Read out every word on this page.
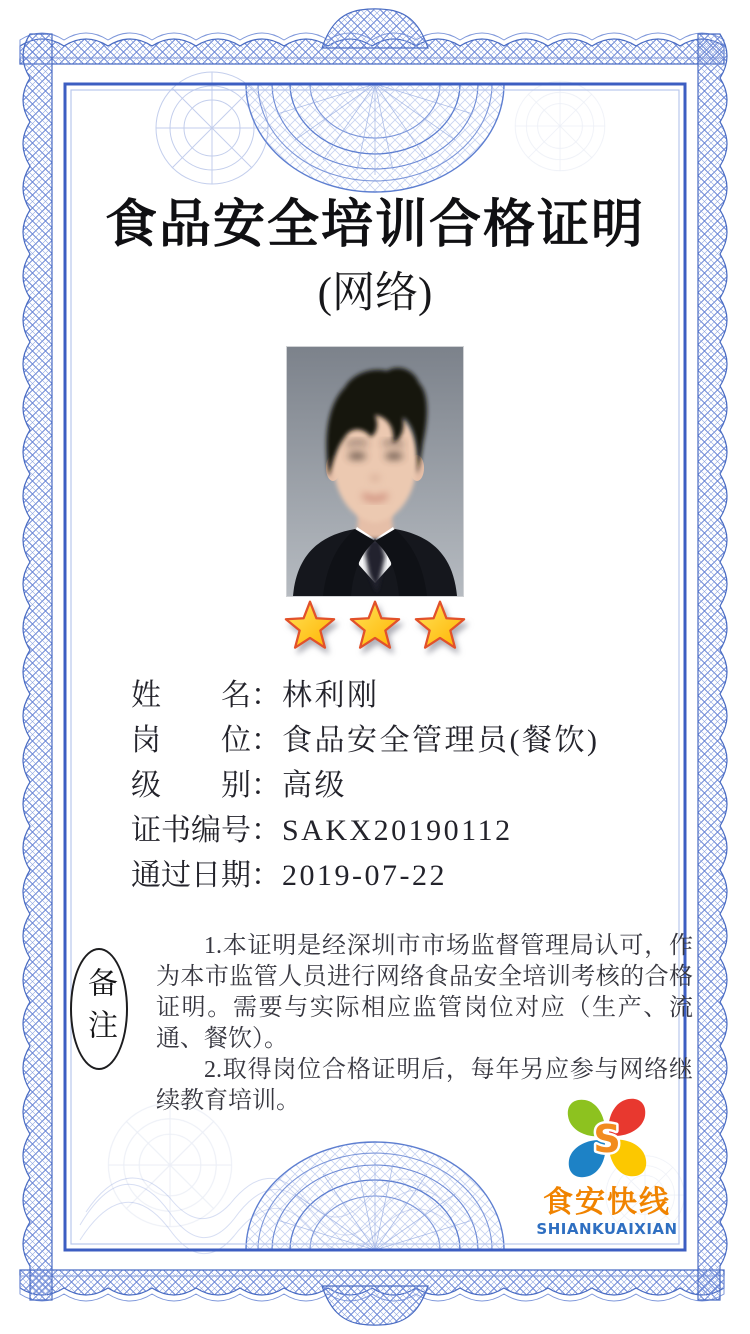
食品安全培训合格证明
(网络)
姓　　名：林利刚
岗　　位：食品安全管理员(餐饮)
级　　别：高级
证书编号：SAKX20190112
通过日期：2019-07-22
备注

1.本证明是经深圳市市场监督管理局认可，作为本市监管人员进行网络食品安全培训考核的合格证明。需要与实际相应监管岗位对应（生产、流通、餐饮）。

2.取得岗位合格证明后，每年另应参与网络继续教育培训。

S
食安快线
SHIANKUAIXIAN
